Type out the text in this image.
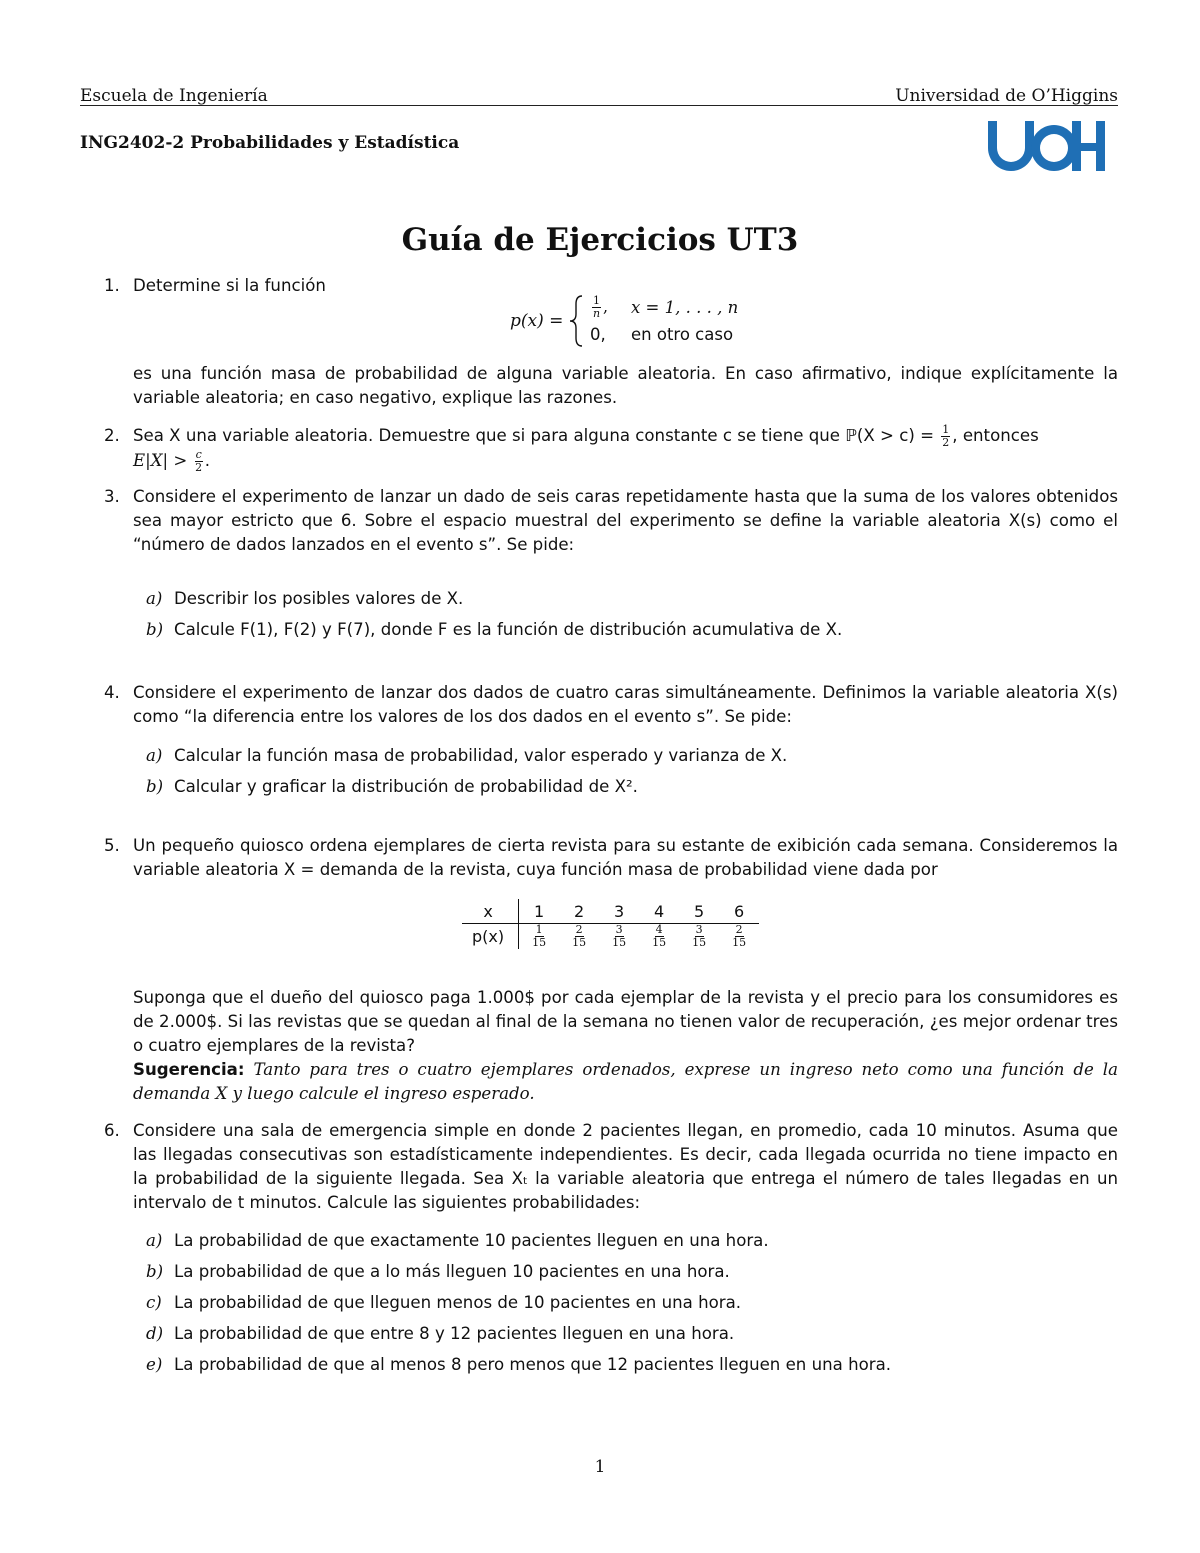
Escuela de Ingeniería	Universidad de O’Higgins
ING2402-2 Probabilidades y Estadística
Guía de Ejercicios UT3
1. Determine si la función
p(x) =
$\frac{1}{n}$ , x = 1, . . . , n
0, en otro caso
es una función masa de probabilidad de alguna variable aleatoria. En caso afirmativo, indique explícitamente la variable aleatoria; en caso negativo, explique las razones.
2. Sea X una variable aleatoria. Demuestre que si para alguna constante c se tiene que ℙ(X > $c) = \frac{1}{2}$ , entonces
$E|X| > \frac{c}{2}$ .
3. Considere el experimento de lanzar un dado de seis caras repetidamente hasta que la suma de los valores obtenidos sea mayor estricto que 6. Sobre el espacio muestral del experimento se define la variable aleatoria X(s) como el “número de dados lanzados en el evento s”. Se pide:
a) Describir los posibles valores de X.
b) Calcule F(1), F(2) y F(7), donde F es la función de distribución acumulativa de X.
4. Considere el experimento de lanzar dos dados de cuatro caras simultáneamente. Definimos la variable aleatoria X(s) como “la diferencia entre los valores de los dos dados en el evento s”. Se pide:
a) Calcular la función masa de probabilidad, valor esperado y varianza de X.
b) Calcular y graficar la distribución de probabilidad de X².
5. Un pequeño quiosco ordena ejemplares de cierta revista para su estante de exibición cada semana. Consideremos la variable aleatoria X = demanda de la revista, cuya función masa de probabilidad viene dada por
x	1	2	3	4	5	6
p(x)	$\frac{1}{15}$	$\frac{2}{15}$	$\frac{3}{15}$	$\frac{4}{15}$	$\frac{3}{15}$	$\frac{2}{15}$
Suponga que el dueño del quiosco paga 1.000$ por cada ejemplar de la revista y el precio para los consumidores es de 2.000$. Si las revistas que se quedan al final de la semana no tienen valor de recuperación, ¿es mejor ordenar tres o cuatro ejemplares de la revista?
Sugerencia: Tanto para tres o cuatro ejemplares ordenados, exprese un ingreso neto como una función de la demanda X y luego calcule el ingreso esperado.
6. Considere una sala de emergencia simple en donde 2 pacientes llegan, en promedio, cada 10 minutos. Asuma que las llegadas consecutivas son estadísticamente independientes. Es decir, cada llegada ocurrida no tiene impacto en la probabilidad de la siguiente llegada. Sea Xₜ la variable aleatoria que entrega el número de tales llegadas en un intervalo de t minutos. Calcule las siguientes probabilidades:
a) La probabilidad de que exactamente 10 pacientes lleguen en una hora.
b) La probabilidad de que a lo más lleguen 10 pacientes en una hora.
c) La probabilidad de que lleguen menos de 10 pacientes en una hora.
d) La probabilidad de que entre 8 y 12 pacientes lleguen en una hora.
e) La probabilidad de que al menos 8 pero menos que 12 pacientes lleguen en una hora.
1
